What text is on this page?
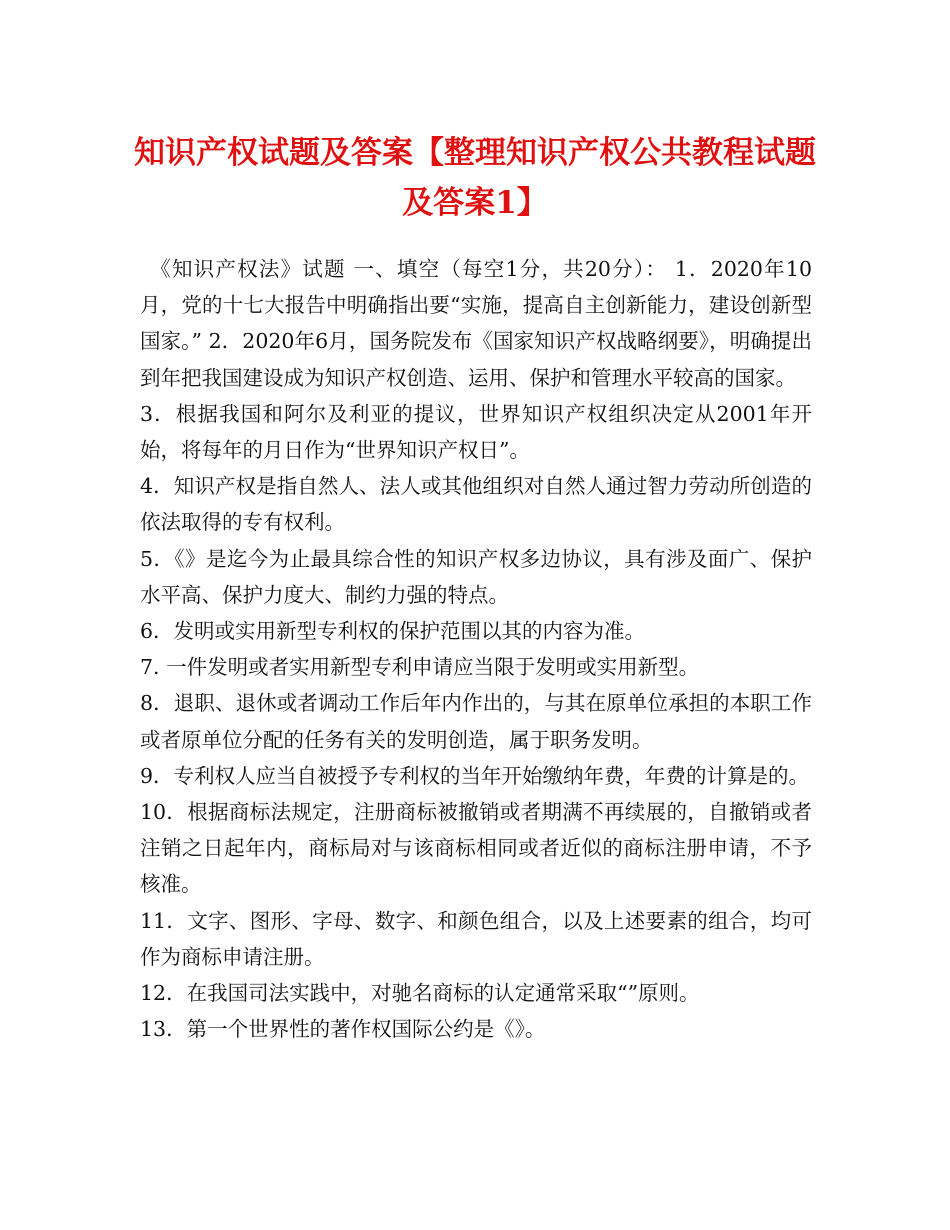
知识产权试题及答案【整理知识产权公共教程试题及答案1】

《知识产权法》试题 一、填空（每空1分，共20分）： 1．2020年10月，党的十七大报告中明确指出要“实施，提高自主创新能力，建设创新型国家。” 2．2020年6月，国务院发布《国家知识产权战略纲要》，明确提出到年把我国建设成为知识产权创造、运用、保护和管理水平较高的国家。

3．根据我国和阿尔及利亚的提议，世界知识产权组织决定从2001年开始，将每年的月日作为“世界知识产权日”。

4．知识产权是指自然人、法人或其他组织对自然人通过智力劳动所创造的依法取得的专有权利。

5．《》是迄今为止最具综合性的知识产权多边协议，具有涉及面广、保护水平高、保护力度大、制约力强的特点。

6．发明或实用新型专利权的保护范围以其的内容为准。

7. 一件发明或者实用新型专利申请应当限于发明或实用新型。

8．退职、退休或者调动工作后年内作出的，与其在原单位承担的本职工作或者原单位分配的任务有关的发明创造，属于职务发明。

9．专利权人应当自被授予专利权的当年开始缴纳年费，年费的计算是的。

10．根据商标法规定，注册商标被撤销或者期满不再续展的，自撤销或者注销之日起年内，商标局对与该商标相同或者近似的商标注册申请，不予核准。

11．文字、图形、字母、数字、和颜色组合，以及上述要素的组合，均可作为商标申请注册。

12．在我国司法实践中，对驰名商标的认定通常采取“”原则。

13．第一个世界性的著作权国际公约是《》。
